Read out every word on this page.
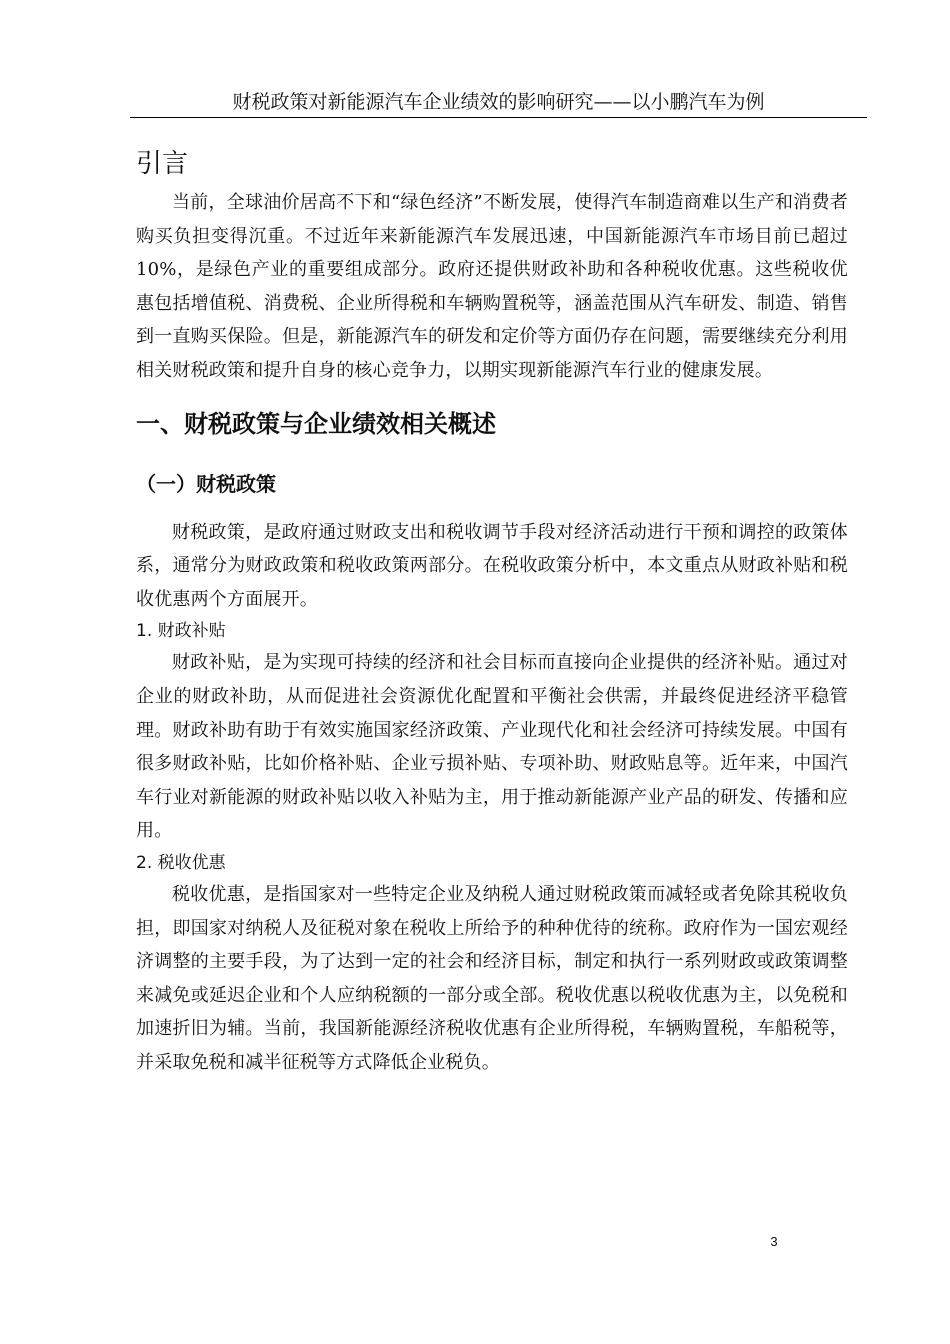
财税政策对新能源汽车企业绩效的影响研究——以小鹏汽车为例
引言

当前，全球油价居高不下和“绿色经济”不断发展，使得汽车制造商难以生产和消费者购买负担变得沉重。不过近年来新能源汽车发展迅速，中国新能源汽车市场目前已超过 10%，是绿色产业的重要组成部分。政府还提供财政补助和各种税收优惠。这些税收优惠包括增值税、消费税、企业所得税和车辆购置税等，涵盖范围从汽车研发、制造、销售到一直购买保险。但是，新能源汽车的研发和定价等方面仍存在问题，需要继续充分利用相关财税政策和提升自身的核心竞争力，以期实现新能源汽车行业的健康发展。

一、财税政策与企业绩效相关概述
（一）财税政策

财税政策，是政府通过财政支出和税收调节手段对经济活动进行干预和调控的政策体系，通常分为财政政策和税收政策两部分。在税收政策分析中，本文重点从财政补贴和税收优惠两个方面展开。

1. 财政补贴

财政补贴，是为实现可持续的经济和社会目标而直接向企业提供的经济补贴。通过对企业的财政补助，从而促进社会资源优化配置和平衡社会供需，并最终促进经济平稳管理。财政补助有助于有效实施国家经济政策、产业现代化和社会经济可持续发展。中国有很多财政补贴，比如价格补贴、企业亏损补贴、专项补助、财政贴息等。近年来，中国汽车行业对新能源的财政补贴以收入补贴为主，用于推动新能源产业产品的研发、传播和应用。

2. 税收优惠

税收优惠，是指国家对一些特定企业及纳税人通过财税政策而减轻或者免除其税收负担，即国家对纳税人及征税对象在税收上所给予的种种优待的统称。政府作为一国宏观经济调整的主要手段，为了达到一定的社会和经济目标，制定和执行一系列财政或政策调整来减免或延迟企业和个人应纳税额的一部分或全部。税收优惠以税收优惠为主，以免税和加速折旧为辅。当前，我国新能源经济税收优惠有企业所得税，车辆购置税，车船税等，并采取免税和减半征税等方式降低企业税负。

3
